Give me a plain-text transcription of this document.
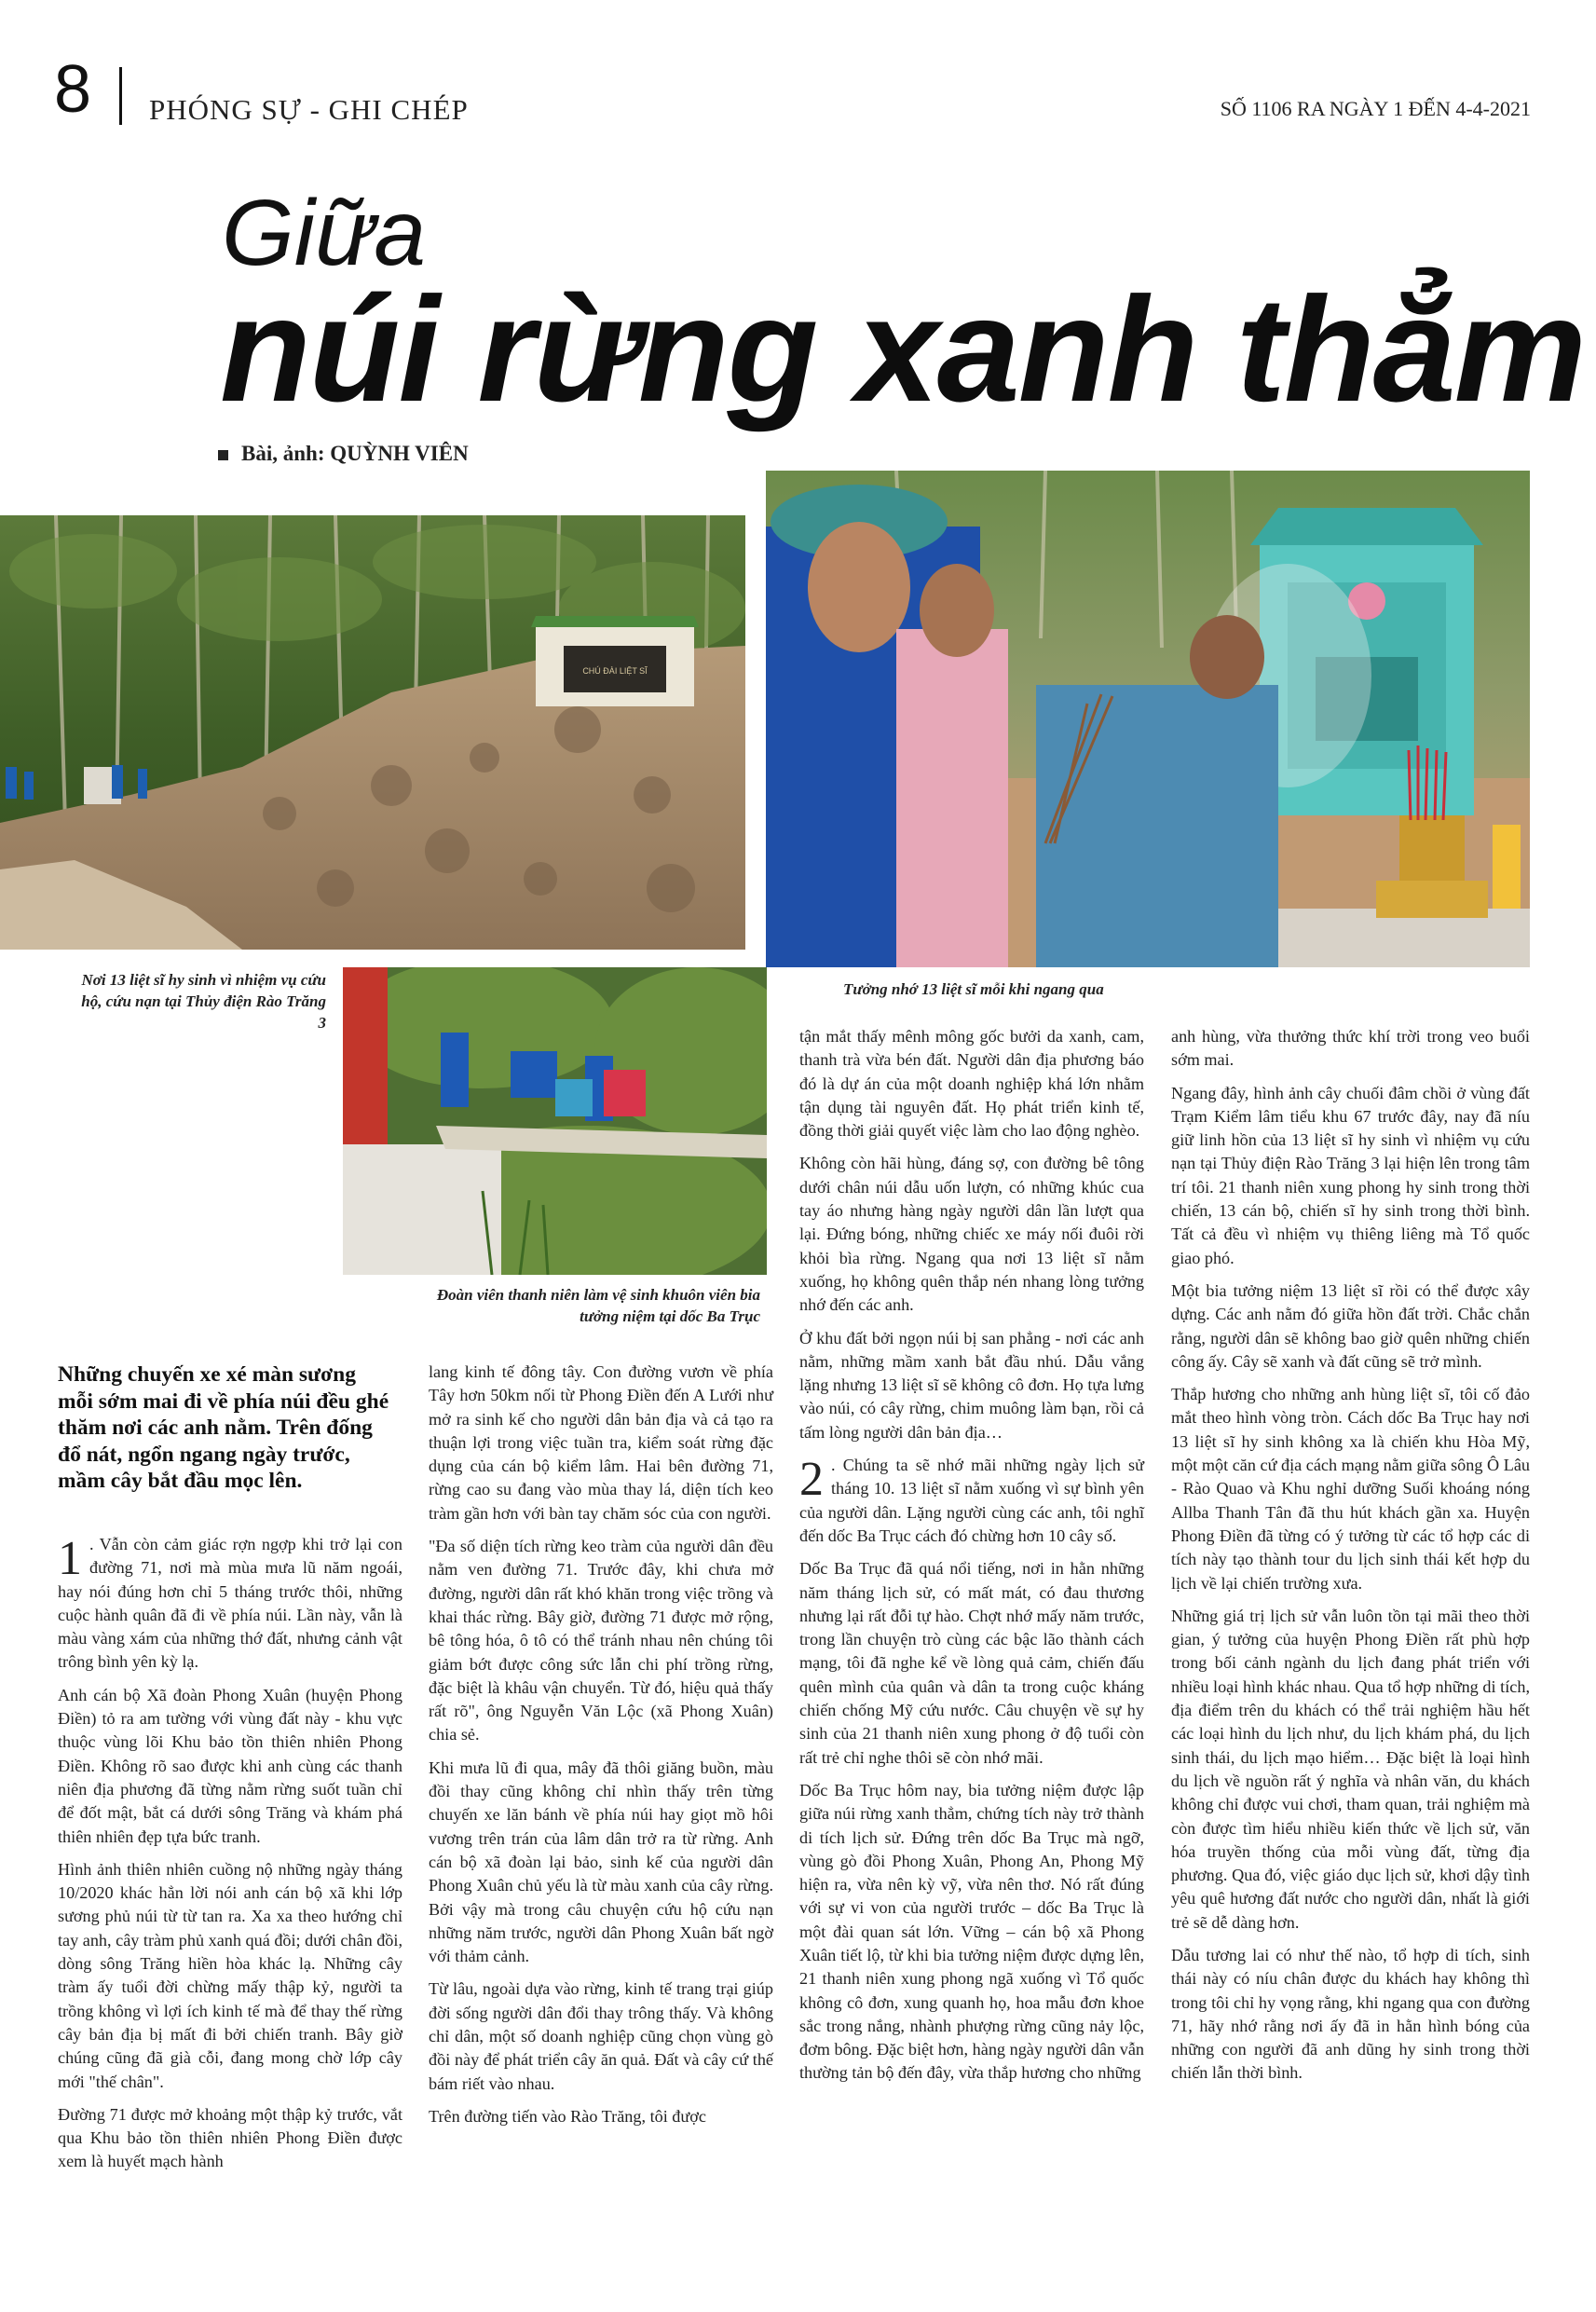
8 PHÓNG SỰ - GHI CHÉP	SỐ 1106 RA NGÀY 1 ĐẾN 4-4-2021
Giữa
núi rừng xanh thẳm
Bài, ảnh: QUỲNH VIÊN
CHÚ ĐÀI LIỆT SĨ
Nơi 13 liệt sĩ hy sinh vì nhiệm vụ cứu hộ, cứu nạn tại Thủy điện Rào Trăng 3
Tưởng nhớ 13 liệt sĩ mỗi khi ngang qua
Đoàn viên thanh niên làm vệ sinh khuôn viên bia tưởng niệm tại dốc Ba Trục
Những chuyến xe xé màn sương mỗi sớm mai đi về phía núi đều ghé thăm nơi các anh nằm. Trên đống đổ nát, ngổn ngang ngày trước, mầm cây bắt đầu mọc lên.

1 . Vẫn còn cảm giác rợn ngợp khi trở lại con đường 71, nơi mà mùa mưa lũ năm ngoái, hay nói đúng hơn chỉ 5 tháng trước thôi, những cuộc hành quân đã đi về phía núi. Lần này, vẫn là màu vàng xám của những thớ đất, nhưng cảnh vật trông bình yên kỳ lạ.

Anh cán bộ Xã đoàn Phong Xuân (huyện Phong Điền) tỏ ra am tường với vùng đất này - khu vực thuộc vùng lõi Khu bảo tồn thiên nhiên Phong Điền. Không rõ sao được khi anh cùng các thanh niên địa phương đã từng nằm rừng suốt tuần chỉ để đốt mật, bắt cá dưới sông Trăng và khám phá thiên nhiên đẹp tựa bức tranh.

Hình ảnh thiên nhiên cuồng nộ những ngày tháng 10/2020 khác hẳn lời nói anh cán bộ xã khi lớp sương phủ núi từ từ tan ra. Xa xa theo hướng chỉ tay anh, cây tràm phủ xanh quá đồi; dưới chân đồi, dòng sông Trăng hiền hòa khác lạ. Những cây tràm ấy tuổi đời chừng mấy thập kỷ, người ta trồng không vì lợi ích kinh tế mà để thay thế rừng cây bản địa bị mất đi bởi chiến tranh. Bây giờ chúng cũng đã già cỗi, đang mong chờ lớp cây mới "thế chân".

Đường 71 được mở khoảng một thập kỷ trước, vắt qua Khu bảo tồn thiên nhiên Phong Điền được xem là huyết mạch hành

lang kinh tế đông tây. Con đường vươn về phía Tây hơn 50km nối từ Phong Điền đến A Lưới như mở ra sinh kế cho người dân bản địa và cả tạo ra thuận lợi trong việc tuần tra, kiểm soát rừng đặc dụng của cán bộ kiểm lâm. Hai bên đường 71, rừng cao su đang vào mùa thay lá, diện tích keo tràm gần hơn với bàn tay chăm sóc của con người.

"Đa số diện tích rừng keo tràm của người dân đều nằm ven đường 71. Trước đây, khi chưa mở đường, người dân rất khó khăn trong việc trồng và khai thác rừng. Bây giờ, đường 71 được mở rộng, bê tông hóa, ô tô có thể tránh nhau nên chúng tôi giảm bớt được công sức lẫn chi phí trồng rừng, đặc biệt là khâu vận chuyển. Từ đó, hiệu quả thấy rất rõ", ông Nguyễn Văn Lộc (xã Phong Xuân) chia sẻ.

Khi mưa lũ đi qua, mây đã thôi giăng buồn, màu đồi thay cũng không chỉ nhìn thấy trên từng chuyến xe lăn bánh về phía núi hay giọt mồ hôi vương trên trán của lâm dân trở ra từ rừng. Anh cán bộ xã đoàn lại bảo, sinh kế của người dân Phong Xuân chủ yếu là từ màu xanh của cây rừng. Bởi vậy mà trong câu chuyện cứu hộ cứu nạn những năm trước, người dân Phong Xuân bất ngờ với thảm cảnh.

Từ lâu, ngoài dựa vào rừng, kinh tế trang trại giúp đời sống người dân đổi thay trông thấy. Và không chỉ dân, một số doanh nghiệp cũng chọn vùng gò đồi này để phát triển cây ăn quả. Đất và cây cứ thế bám riết vào nhau.

Trên đường tiến vào Rào Trăng, tôi được

tận mắt thấy mênh mông gốc bưởi da xanh, cam, thanh trà vừa bén đất. Người dân địa phương báo đó là dự án của một doanh nghiệp khá lớn nhằm tận dụng tài nguyên đất. Họ phát triển kinh tế, đồng thời giải quyết việc làm cho lao động nghèo.

Không còn hãi hùng, đáng sợ, con đường bê tông dưới chân núi dẫu uốn lượn, có những khúc cua tay áo nhưng hàng ngày người dân lần lượt qua lại. Đứng bóng, những chiếc xe máy nối đuôi rời khỏi bìa rừng. Ngang qua nơi 13 liệt sĩ nằm xuống, họ không quên thắp nén nhang lòng tưởng nhớ đến các anh.

Ở khu đất bởi ngọn núi bị san phẳng - nơi các anh nằm, những mầm xanh bắt đầu nhú. Dẫu vắng lặng nhưng 13 liệt sĩ sẽ không cô đơn. Họ tựa lưng vào núi, có cây rừng, chim muông làm bạn, rồi cả tấm lòng người dân bản địa…

2 . Chúng ta sẽ nhớ mãi những ngày lịch sử tháng 10. 13 liệt sĩ nằm xuống vì sự bình yên của người dân. Lặng người cùng các anh, tôi nghĩ đến dốc Ba Trục cách đó chừng hơn 10 cây số.

Dốc Ba Trục đã quá nổi tiếng, nơi in hằn những năm tháng lịch sử, có mất mát, có đau thương nhưng lại rất đỗi tự hào. Chợt nhớ mấy năm trước, trong lần chuyện trò cùng các bậc lão thành cách mạng, tôi đã nghe kể về lòng quả cảm, chiến đấu quên mình của quân và dân ta trong cuộc kháng chiến chống Mỹ cứu nước. Câu chuyện về sự hy sinh của 21 thanh niên xung phong ở độ tuổi còn rất trẻ chỉ nghe thôi sẽ còn nhớ mãi.

Dốc Ba Trục hôm nay, bia tưởng niệm được lập giữa núi rừng xanh thẳm, chứng tích này trở thành di tích lịch sử. Đứng trên dốc Ba Trục mà ngỡ, vùng gò đồi Phong Xuân, Phong An, Phong Mỹ hiện ra, vừa nên kỳ vỹ, vừa nên thơ. Nó rất đúng với sự vi von của người trước – dốc Ba Trục là một đài quan sát lớn. Vững – cán bộ xã Phong Xuân tiết lộ, từ khi bia tưởng niệm được dựng lên, 21 thanh niên xung phong ngã xuống vì Tổ quốc không cô đơn, xung quanh họ, hoa mẫu đơn khoe sắc trong nắng, nhành phượng rừng cũng nảy lộc, đơm bông. Đặc biệt hơn, hàng ngày người dân vẫn thường tản bộ đến đây, vừa thắp hương cho những

anh hùng, vừa thưởng thức khí trời trong veo buổi sớm mai.

Ngang đây, hình ảnh cây chuối đâm chồi ở vùng đất Trạm Kiểm lâm tiểu khu 67 trước đây, nay đã níu giữ linh hồn của 13 liệt sĩ hy sinh vì nhiệm vụ cứu nạn tại Thủy điện Rào Trăng 3 lại hiện lên trong tâm trí tôi. 21 thanh niên xung phong hy sinh trong thời chiến, 13 cán bộ, chiến sĩ hy sinh trong thời bình. Tất cả đều vì nhiệm vụ thiêng liêng mà Tổ quốc giao phó.

Một bia tưởng niệm 13 liệt sĩ rồi có thể được xây dựng. Các anh nằm đó giữa hồn đất trời. Chắc chắn rằng, người dân sẽ không bao giờ quên những chiến công ấy. Cây sẽ xanh và đất cũng sẽ trở mình.

Thắp hương cho những anh hùng liệt sĩ, tôi cố đảo mắt theo hình vòng tròn. Cách dốc Ba Trục hay nơi 13 liệt sĩ hy sinh không xa là chiến khu Hòa Mỹ, một một căn cứ địa cách mạng nằm giữa sông Ô Lâu - Rào Quao và Khu nghỉ dưỡng Suối khoáng nóng Allba Thanh Tân đã thu hút khách gần xa. Huyện Phong Điền đã từng có ý tưởng từ các tổ hợp các di tích này tạo thành tour du lịch sinh thái kết hợp du lịch về lại chiến trường xưa.

Những giá trị lịch sử vẫn luôn tồn tại mãi theo thời gian, ý tưởng của huyện Phong Điền rất phù hợp trong bối cảnh ngành du lịch đang phát triển với nhiều loại hình khác nhau. Qua tổ hợp những di tích, địa điểm trên du khách có thể trải nghiệm hầu hết các loại hình du lịch như, du lịch khám phá, du lịch sinh thái, du lịch mạo hiểm… Đặc biệt là loại hình du lịch về nguồn rất ý nghĩa và nhân văn, du khách không chỉ được vui chơi, tham quan, trải nghiệm mà còn được tìm hiểu nhiều kiến thức về lịch sử, văn hóa truyền thống của mỗi vùng đất, từng địa phương. Qua đó, việc giáo dục lịch sử, khơi dậy tình yêu quê hương đất nước cho người dân, nhất là giới trẻ sẽ dễ dàng hơn.

Dẫu tương lai có như thế nào, tổ hợp di tích, sinh thái này có níu chân được du khách hay không thì trong tôi chỉ hy vọng rằng, khi ngang qua con đường 71, hãy nhớ rằng nơi ấy đã in hằn hình bóng của những con người đã anh dũng hy sinh trong thời chiến lẫn thời bình.
